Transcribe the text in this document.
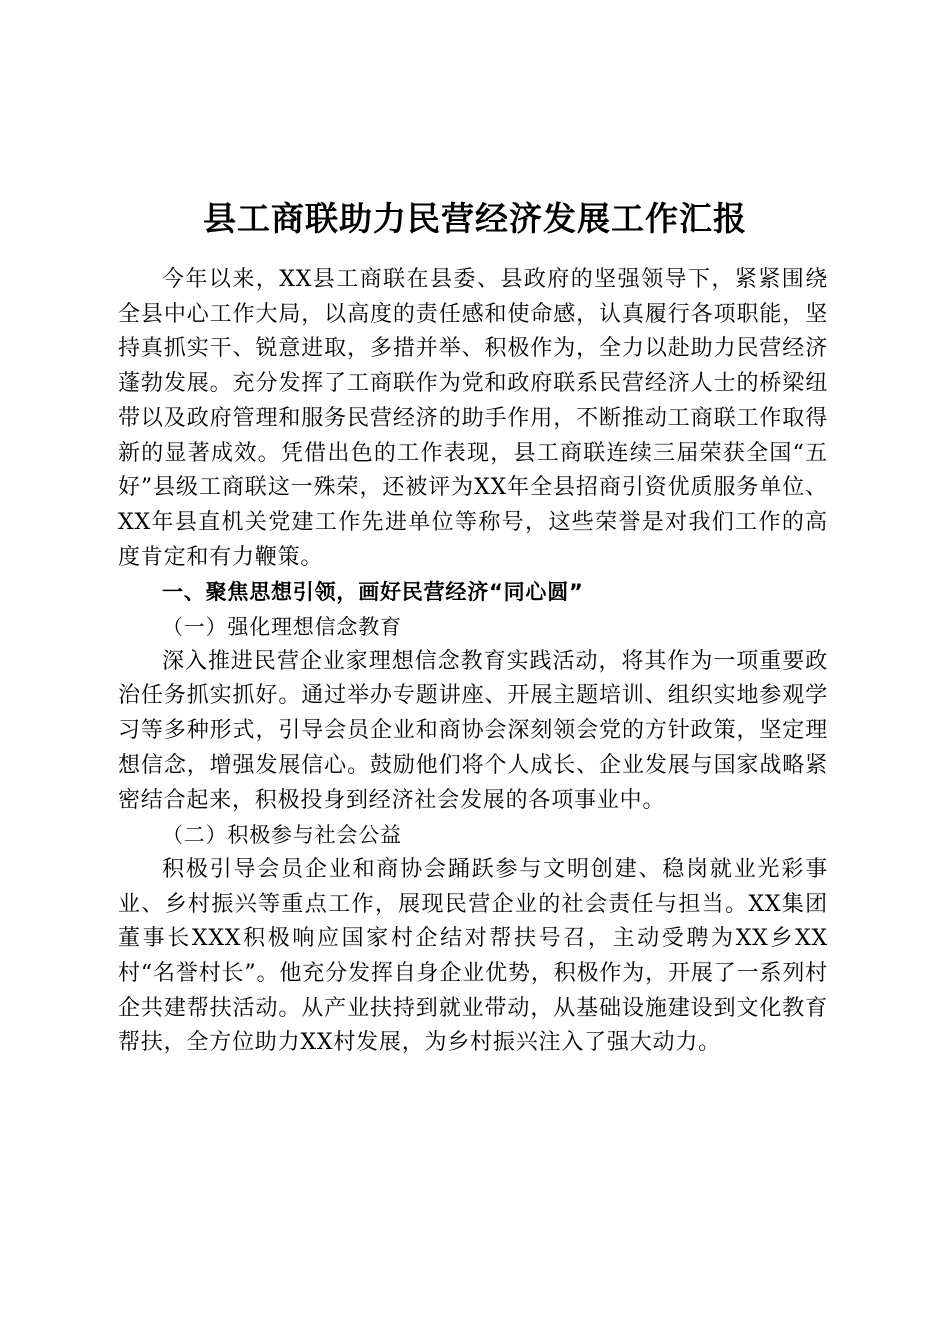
县工商联助力民营经济发展工作汇报

今年以来，XX县工商联在县委、县政府的坚强领导下，紧紧围绕全县中心工作大局，以高度的责任感和使命感，认真履行各项职能，坚持真抓实干、锐意进取，多措并举、积极作为，全力以赴助力民营经济蓬勃发展。充分发挥了工商联作为党和政府联系民营经济人士的桥梁纽带以及政府管理和服务民营经济的助手作用，不断推动工商联工作取得新的显著成效。凭借出色的工作表现，县工商联连续三届荣获全国“五好”县级工商联这一殊荣，还被评为XX年全县招商引资优质服务单位、XX年县直机关党建工作先进单位等称号，这些荣誉是对我们工作的高度肯定和有力鞭策。

一、聚焦思想引领，画好民营经济“同心圆”

（一）强化理想信念教育

深入推进民营企业家理想信念教育实践活动，将其作为一项重要政治任务抓实抓好。通过举办专题讲座、开展主题培训、组织实地参观学习等多种形式，引导会员企业和商协会深刻领会党的方针政策，坚定理想信念，增强发展信心。鼓励他们将个人成长、企业发展与国家战略紧密结合起来，积极投身到经济社会发展的各项事业中。

（二）积极参与社会公益

积极引导会员企业和商协会踊跃参与文明创建、稳岗就业光彩事业、乡村振兴等重点工作，展现民营企业的社会责任与担当。XX集团董事长XXX积极响应国家村企结对帮扶号召，主动受聘为XX乡XX村“名誉村长”。他充分发挥自身企业优势，积极作为，开展了一系列村企共建帮扶活动。从产业扶持到就业带动，从基础设施建设到文化教育帮扶，全方位助力XX村发展，为乡村振兴注入了强大动力。
